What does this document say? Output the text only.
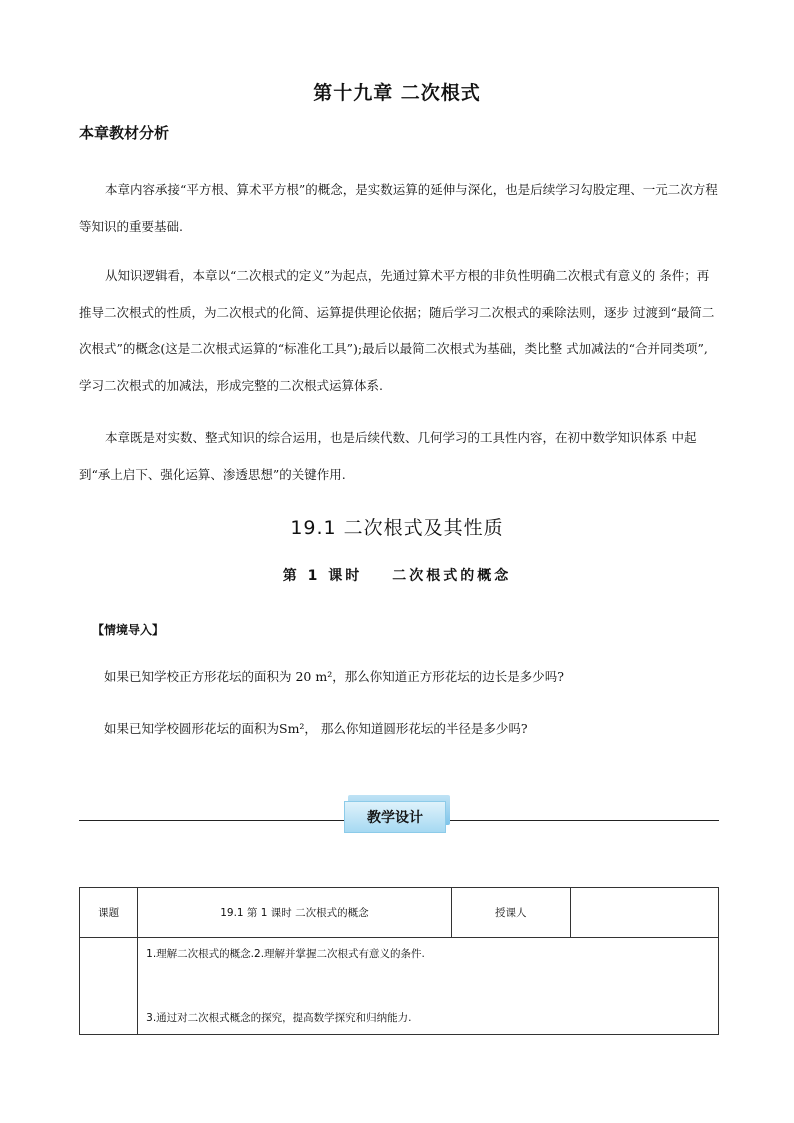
第十九章 二次根式
本章教材分析
本章内容承接“平方根、算术平方根”的概念，是实数运算的延伸与深化，也是后续学习勾股定理、一元二次方程等知识的重要基础.
从知识逻辑看，本章以“二次根式的定义”为起点，先通过算术平方根的非负性明确二次根式有意义的 条件；再推导二次根式的性质，为二次根式的化简、运算提供理论依据；随后学习二次根式的乘除法则，逐步 过渡到“最简二次根式”的概念(这是二次根式运算的“标准化工具”);最后以最简二次根式为基础，类比整 式加减法的“合并同类项”,学习二次根式的加减法，形成完整的二次根式运算体系.
本章既是对实数、整式知识的综合运用，也是后续代数、几何学习的工具性内容，在初中数学知识体系 中起到“承上启下、强化运算、渗透思想”的关键作用.
19.1 二次根式及其性质
第 1 课时 二次根式的概念
【情境导入】
如果已知学校正方形花坛的面积为 20 m²，那么你知道正方形花坛的边长是多少吗?
如果已知学校圆形花坛的面积为Sm²， 那么你知道圆形花坛的半径是多少吗?
教学设计
课题	19.1 第 1 课时 二次根式的概念	授课人	

	1.理解二次根式的概念.2.理解并掌握二次根式有意义的条件.
3.通过对二次根式概念的探究，提高数学探究和归纳能力.		
